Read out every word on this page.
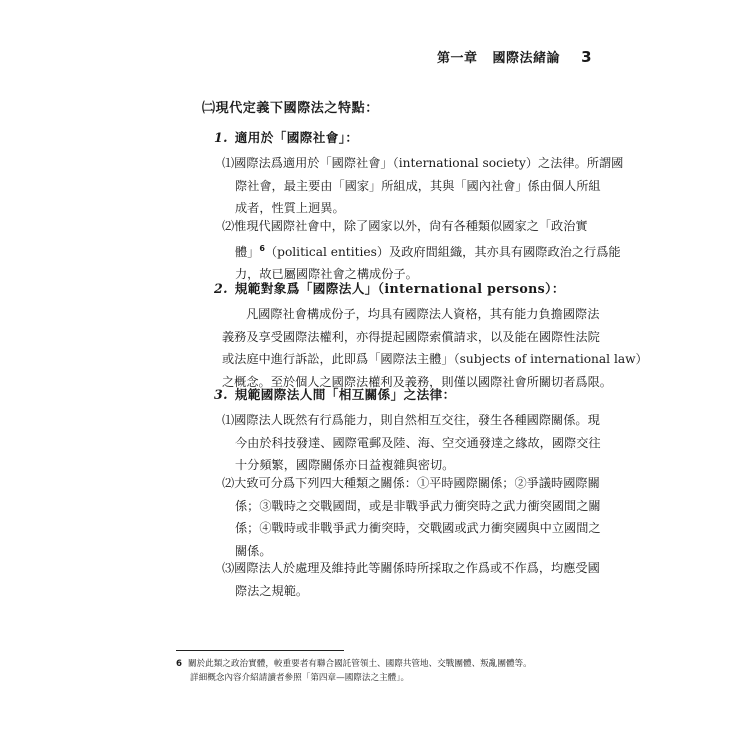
第一章 國際法緒論 3
㈡現代定義下國際法之特點：
1. 適用於「國際社會」：
⑴國際法爲適用於「國際社會」（international society）之法律。所謂國
際社會，最主要由「國家」所組成，其與「國內社會」係由個人所組
成者，性質上迥異。
⑵惟現代國際社會中，除了國家以外，尙有各種類似國家之「政治實
體」$^6$（political entities）及政府間組織，其亦具有國際政治之行爲能
力，故已屬國際社會之構成份子。
2. 規範對象爲「國際法人」（international persons）：
凡國際社會構成份子，均具有國際法人資格，其有能力負擔國際法
義務及享受國際法權利，亦得提起國際索償請求，以及能在國際性法院
或法庭中進行訴訟，此即爲「國際法主體」（subjects of international law）
之概念。至於個人之國際法權利及義務，則僅以國際社會所關切者爲限。
3. 規範國際法人間「相互關係」之法律：
⑴國際法人既然有行爲能力，則自然相互交往，發生各種國際關係。現
今由於科技發達、國際電郵及陸、海、空交通發達之緣故，國際交往
十分頻繁，國際關係亦日益複雜與密切。
⑵大致可分爲下列四大種類之關係：①平時國際關係；②爭議時國際關
係；③戰時之交戰國間，或是非戰爭武力衝突時之武力衝突國間之關
係；④戰時或非戰爭武力衝突時，交戰國或武力衝突國與中立國間之
關係。
⑶國際法人於處理及維持此等關係時所採取之作爲或不作爲，均應受國
際法之規範。
6 關於此類之政治實體，較重要者有聯合國託管領土、國際共管地、交戰團體、叛亂團體等。
詳細概念內容介紹請讀者參照「第四章—國際法之主體」。
